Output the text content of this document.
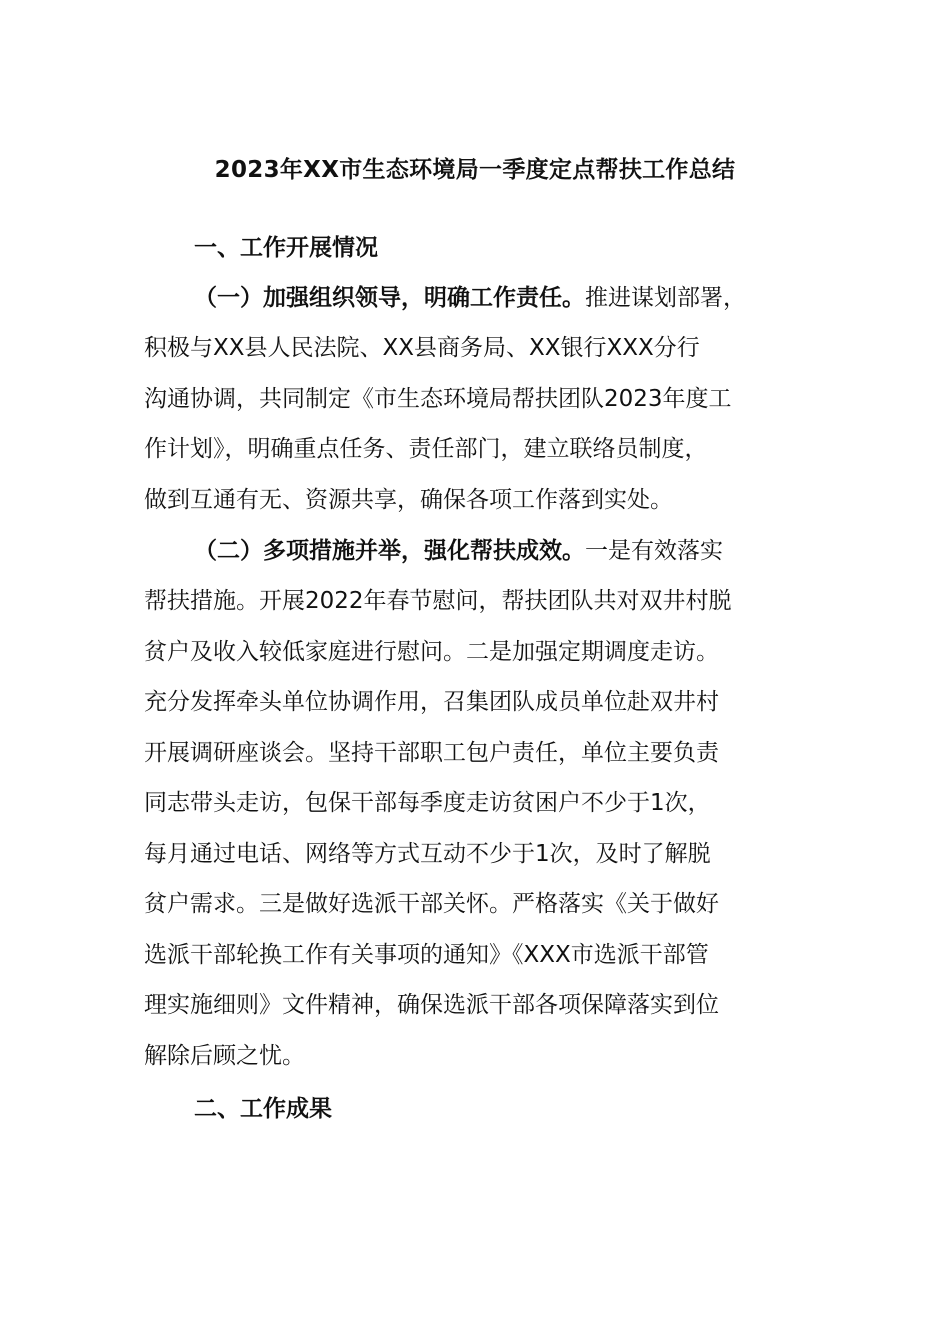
2023年XX市生态环境局一季度定点帮扶工作总结
一、工作开展情况
（一）加强组织领导，明确工作责任。推进谋划部署，
积极与XX县人民法院、XX县商务局、XX银行XXX分行
沟通协调，共同制定《市生态环境局帮扶团队2023年度工
作计划》，明确重点任务、责任部门，建立联络员制度，
做到互通有无、资源共享，确保各项工作落到实处。
（二）多项措施并举，强化帮扶成效。一是有效落实
帮扶措施。开展2022年春节慰问，帮扶团队共对双井村脱
贫户及收入较低家庭进行慰问。二是加强定期调度走访。
充分发挥牵头单位协调作用，召集团队成员单位赴双井村
开展调研座谈会。坚持干部职工包户责任，单位主要负责
同志带头走访，包保干部每季度走访贫困户不少于1次，
每月通过电话、网络等方式互动不少于1次，及时了解脱
贫户需求。三是做好选派干部关怀。严格落实《关于做好
选派干部轮换工作有关事项的通知》《XXX市选派干部管
理实施细则》文件精神，确保选派干部各项保障落实到位
解除后顾之忧。
二、工作成果
